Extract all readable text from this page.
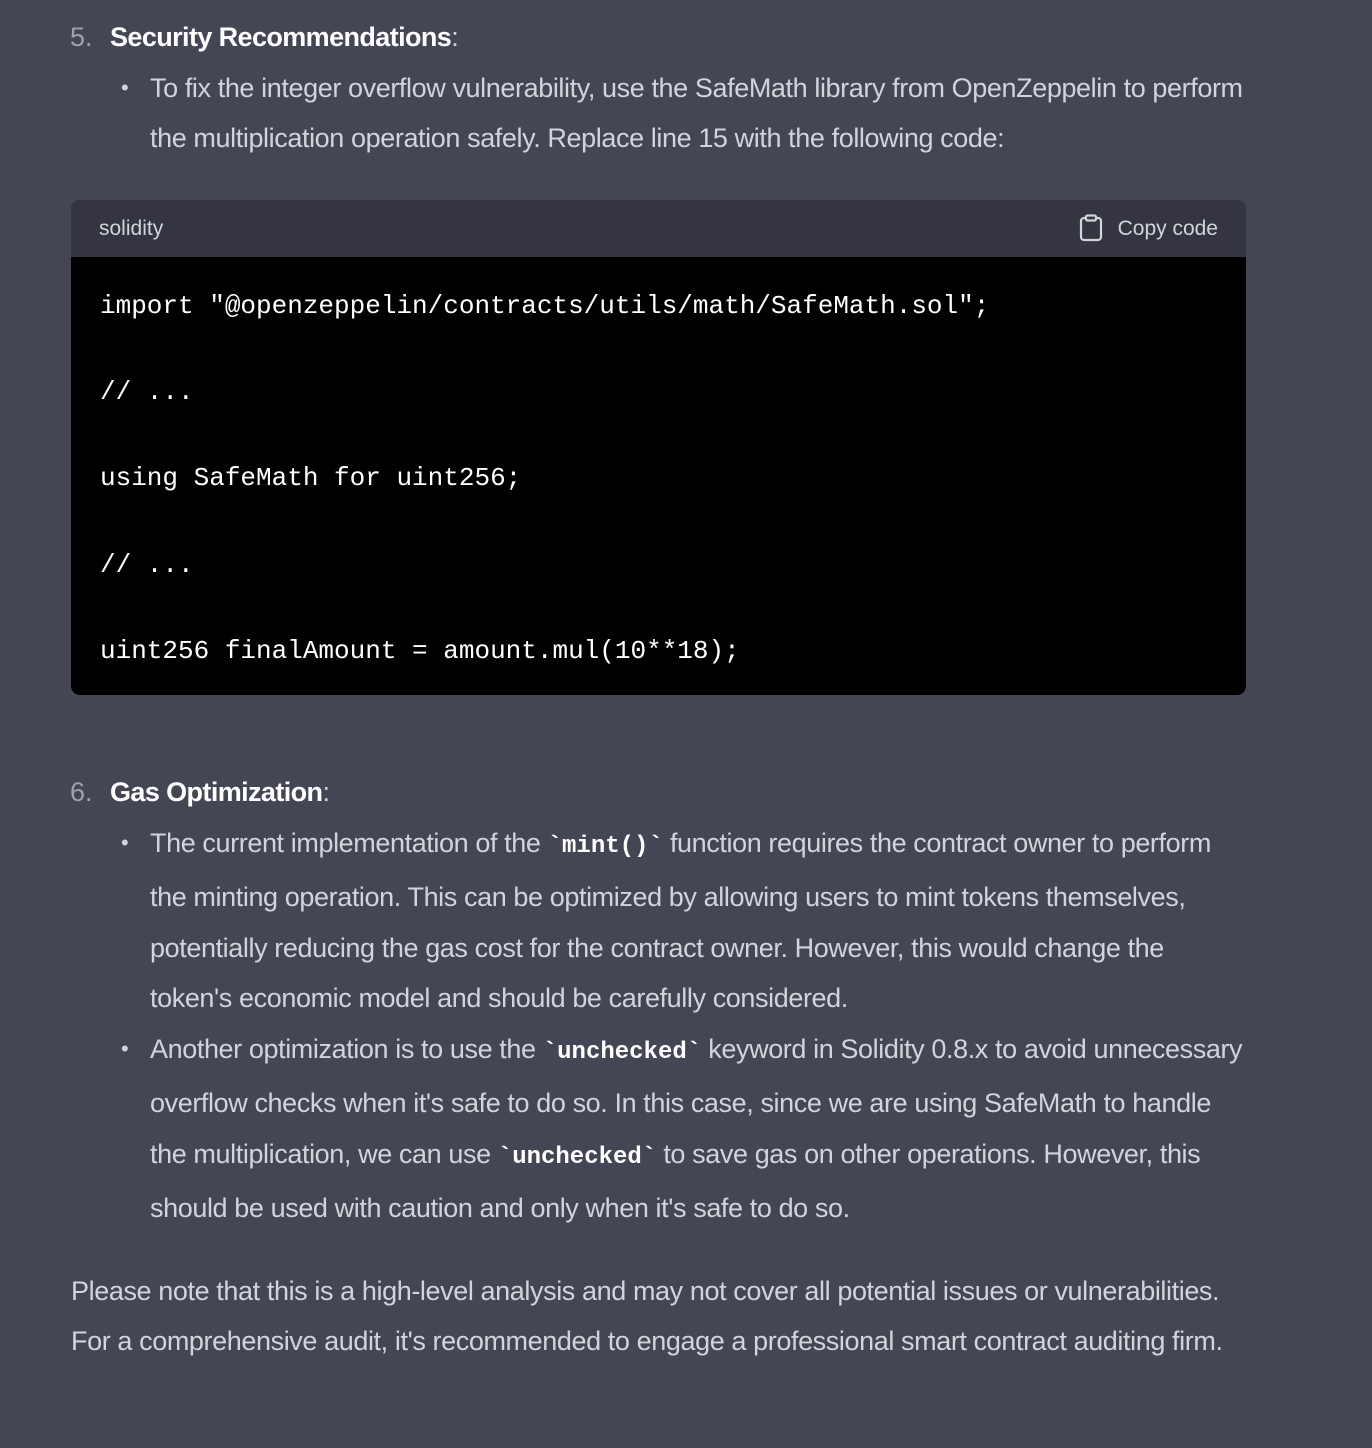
5. Security Recommendations:
• To fix the integer overflow vulnerability, use the SafeMath library from OpenZeppelin to perform the multiplication operation safely. Replace line 15 with the following code:
solidity	Copy code
import "@openzeppelin/contracts/utils/math/SafeMath.sol";

// ...

using SafeMath for uint256;

// ...

uint256 finalAmount = amount.mul(10**18);
6. Gas Optimization:
• The current implementation of the `mint()` function requires the contract owner to perform the minting operation. This can be optimized by allowing users to mint tokens themselves, potentially reducing the gas cost for the contract owner. However, this would change the token's economic model and should be carefully considered.
• Another optimization is to use the `unchecked` keyword in Solidity 0.8.x to avoid unnecessary overflow checks when it's safe to do so. In this case, since we are using SafeMath to handle the multiplication, we can use `unchecked` to save gas on other operations. However, this should be used with caution and only when it's safe to do so.

Please note that this is a high-level analysis and may not cover all potential issues or vulnerabilities. For a comprehensive audit, it's recommended to engage a professional smart contract auditing firm.
